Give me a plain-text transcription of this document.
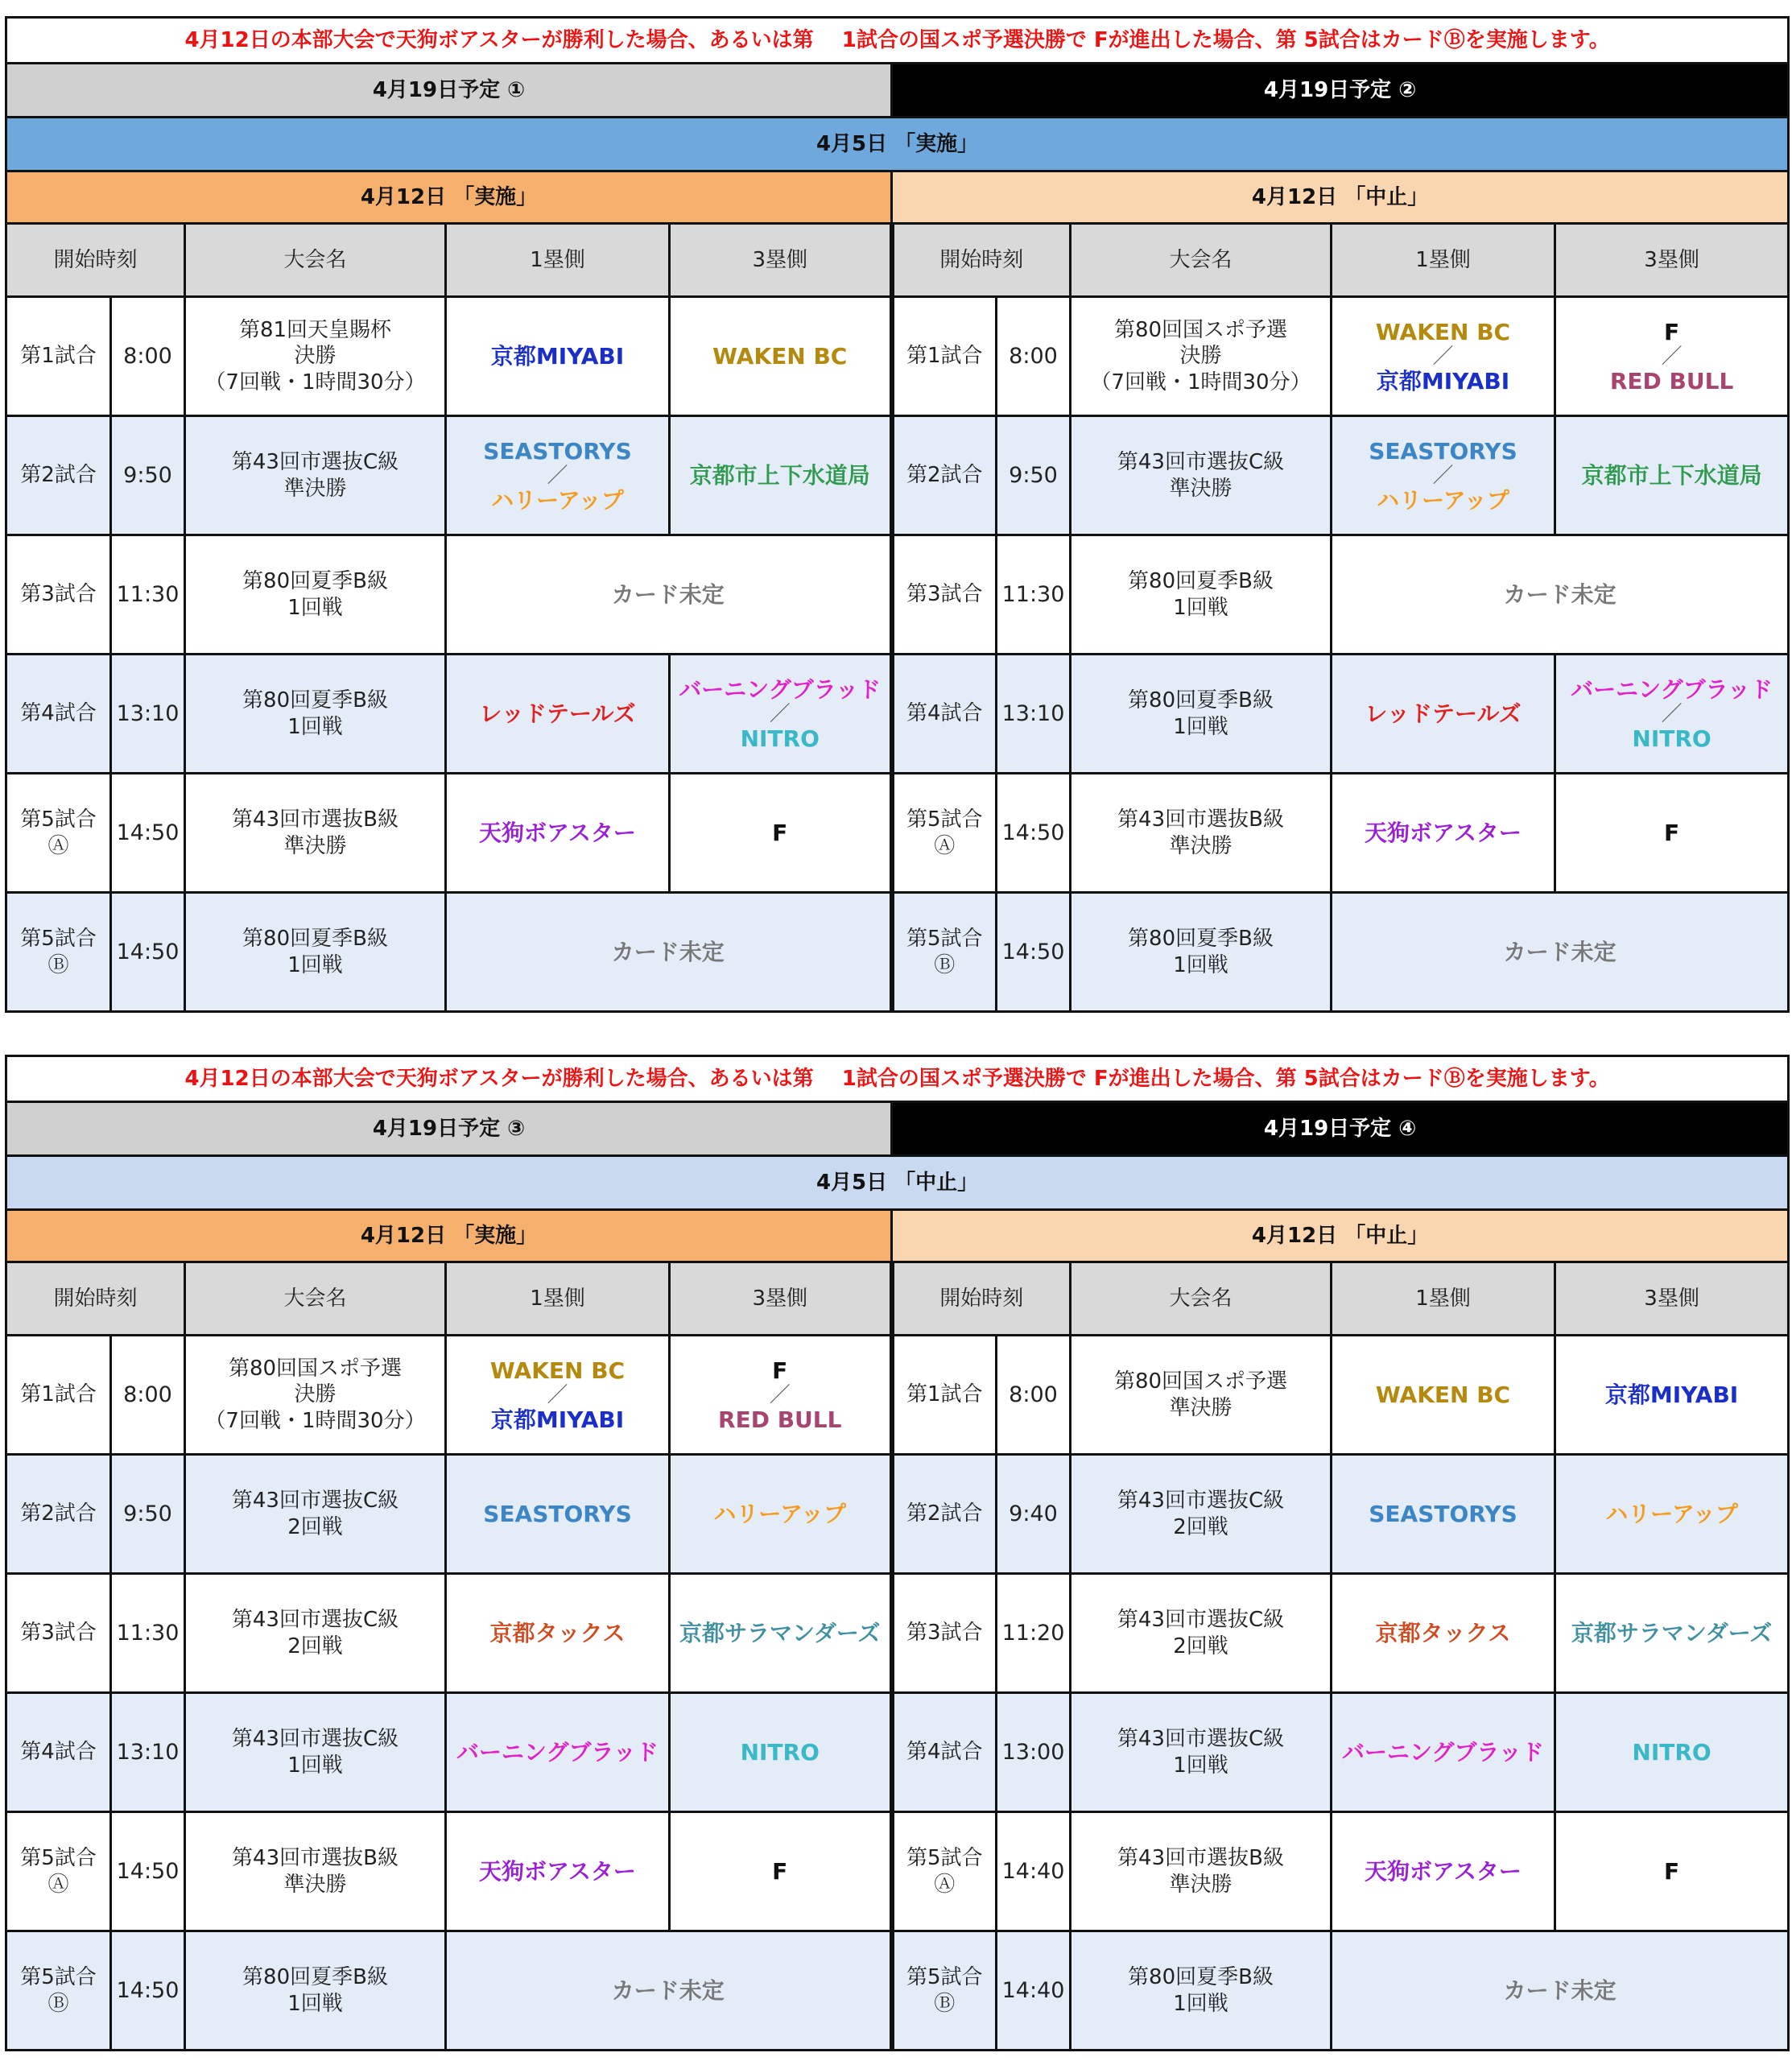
4月12日の本部大会で天狗ボアスターが勝利した場合、あるいは第　 1試合の国スポ予選決勝で Fが進出した場合、第 5試合はカードⒷを実施します。									
4月19日予定 ①					4月19日予定 ②				
4月5日 「実施」									
4月12日 「実施」					4月12日 「中止」				
開始時刻		大会名	1塁側	3塁側	開始時刻		大会名	1塁側	3塁側
第1試合	8:00	第81回天皇賜杯
決勝
（7回戦・1時間30分）	京都MIYABI	WAKEN BC	第1試合	8:00	第80回国スポ予選
決勝
（7回戦・1時間30分）	WAKEN BC
／
京都MIYABI	F
／
RED BULL

第2試合	9:50	第43回市選抜C級
準決勝	SEASTORYS
／
ハリーアップ	京都市上下水道局	第2試合	9:50	第43回市選抜C級
準決勝	SEASTORYS
／
ハリーアップ	京都市上下水道局

第3試合	11:30	第80回夏季B級
1回戦	カード未定		第3試合	11:30	第80回夏季B級
1回戦	カード未定	
第4試合	13:10	第80回夏季B級
1回戦	レッドテールズ	バーニングブラッド
／
NITRO	第4試合	13:10	第80回夏季B級
1回戦	レッドテールズ	バーニングブラッド
／
NITRO

第5試合
Ⓐ	14:50	第43回市選抜B級
準決勝	天狗ボアスター	F	第5試合
Ⓐ	14:50	第43回市選抜B級
準決勝	天狗ボアスター	F

第5試合
Ⓑ	14:50	第80回夏季B級
1回戦	カード未定		第5試合
Ⓑ	14:50	第80回夏季B級
1回戦	カード未定	
4月12日の本部大会で天狗ボアスターが勝利した場合、あるいは第　 1試合の国スポ予選決勝で Fが進出した場合、第 5試合はカードⒷを実施します。									
4月19日予定 ③					4月19日予定 ④				
4月5日 「中止」									
4月12日 「実施」					4月12日 「中止」				
開始時刻		大会名	1塁側	3塁側	開始時刻		大会名	1塁側	3塁側
第1試合	8:00	第80回国スポ予選
決勝
（7回戦・1時間30分）	WAKEN BC
／
京都MIYABI	F
／
RED BULL	第1試合	8:00	第80回国スポ予選
準決勝	WAKEN BC	京都MIYABI

第2試合	9:50	第43回市選抜C級
2回戦	SEASTORYS	ハリーアップ	第2試合	9:40	第43回市選抜C級
2回戦	SEASTORYS	ハリーアップ

第3試合	11:30	第43回市選抜C級
2回戦	京都タックス	京都サラマンダーズ	第3試合	11:20	第43回市選抜C級
2回戦	京都タックス	京都サラマンダーズ

第4試合	13:10	第43回市選抜C級
1回戦	バーニングブラッド	NITRO	第4試合	13:00	第43回市選抜C級
1回戦	バーニングブラッド	NITRO

第5試合
Ⓐ	14:50	第43回市選抜B級
準決勝	天狗ボアスター	F	第5試合
Ⓐ	14:40	第43回市選抜B級
準決勝	天狗ボアスター	F

第5試合
Ⓑ	14:50	第80回夏季B級
1回戦	カード未定		第5試合
Ⓑ	14:40	第80回夏季B級
1回戦	カード未定	
